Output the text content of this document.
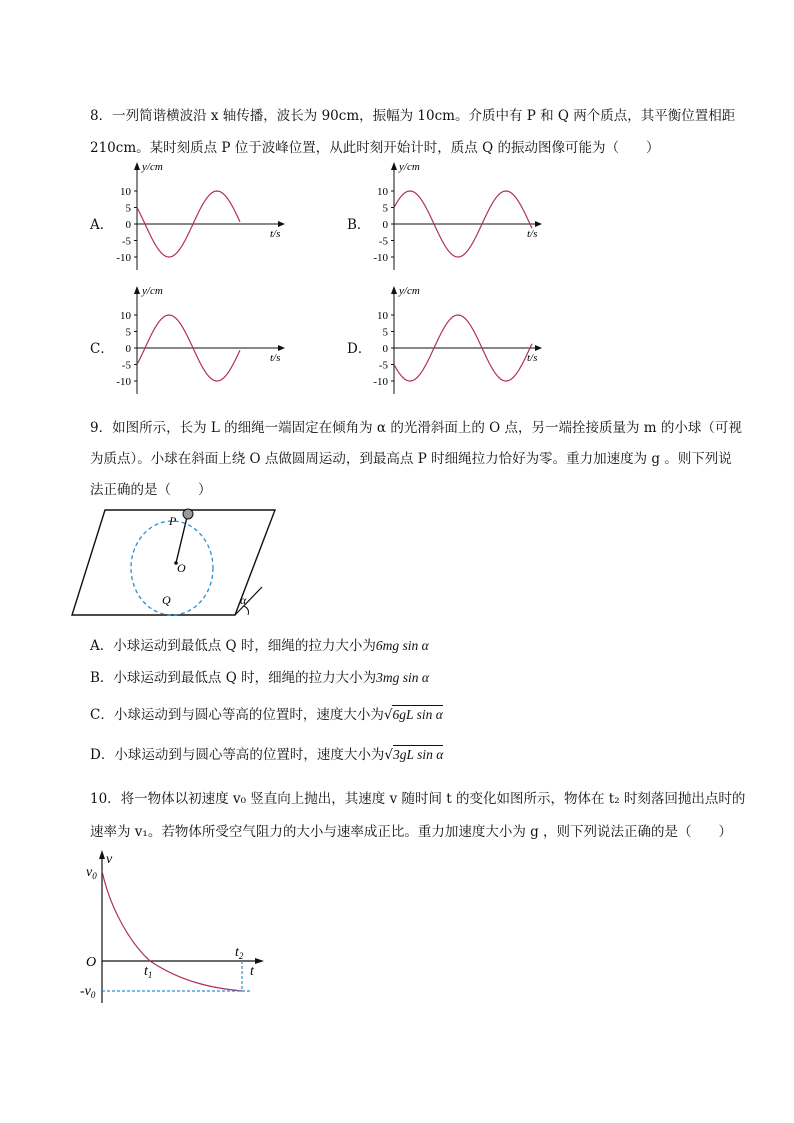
8．一列简谐横波沿 x 轴传播，波长为 90cm，振幅为 10cm。介质中有 P 和 Q 两个质点，其平衡位置相距
210cm。某时刻质点 P 位于波峰位置，从此时刻开始计时，质点 Q 的振动图像可能为（　　）
A．
10
5
0
-5
-10
y/cm
t/s
B．
10
5
0
-5
-10
y/cm
t/s
C．
10
5
0
-5
-10
y/cm
t/s
D．
10
5
0
-5
-10
y/cm
t/s
9．如图所示，长为 L 的细绳一端固定在倾角为 α 的光滑斜面上的 O 点，另一端拴接质量为 m 的小球（可视
为质点）。小球在斜面上绕 O 点做圆周运动，到最高点 P 时细绳拉力恰好为零。重力加速度为 g 。则下列说
法正确的是（　　）
P
O
Q	α
A．小球运动到最低点 Q 时，细绳的拉力大小为6mg sin α
B．小球运动到最低点 Q 时，细绳的拉力大小为3mg sin α
C．小球运动到与圆心等高的位置时，速度大小为√6gL sin α
D．小球运动到与圆心等高的位置时，速度大小为√3gL sin α
10．将一物体以初速度 v₀ 竖直向上抛出，其速度 v 随时间 t 的变化如图所示，物体在 t₂ 时刻落回抛出点时的
速率为 v₁。若物体所受空气阻力的大小与速率成正比。重力加速度大小为 g ，则下列说法正确的是（　　）
v
$v_0$
O
t
$t_1$
$t_2$
$-v_0$
